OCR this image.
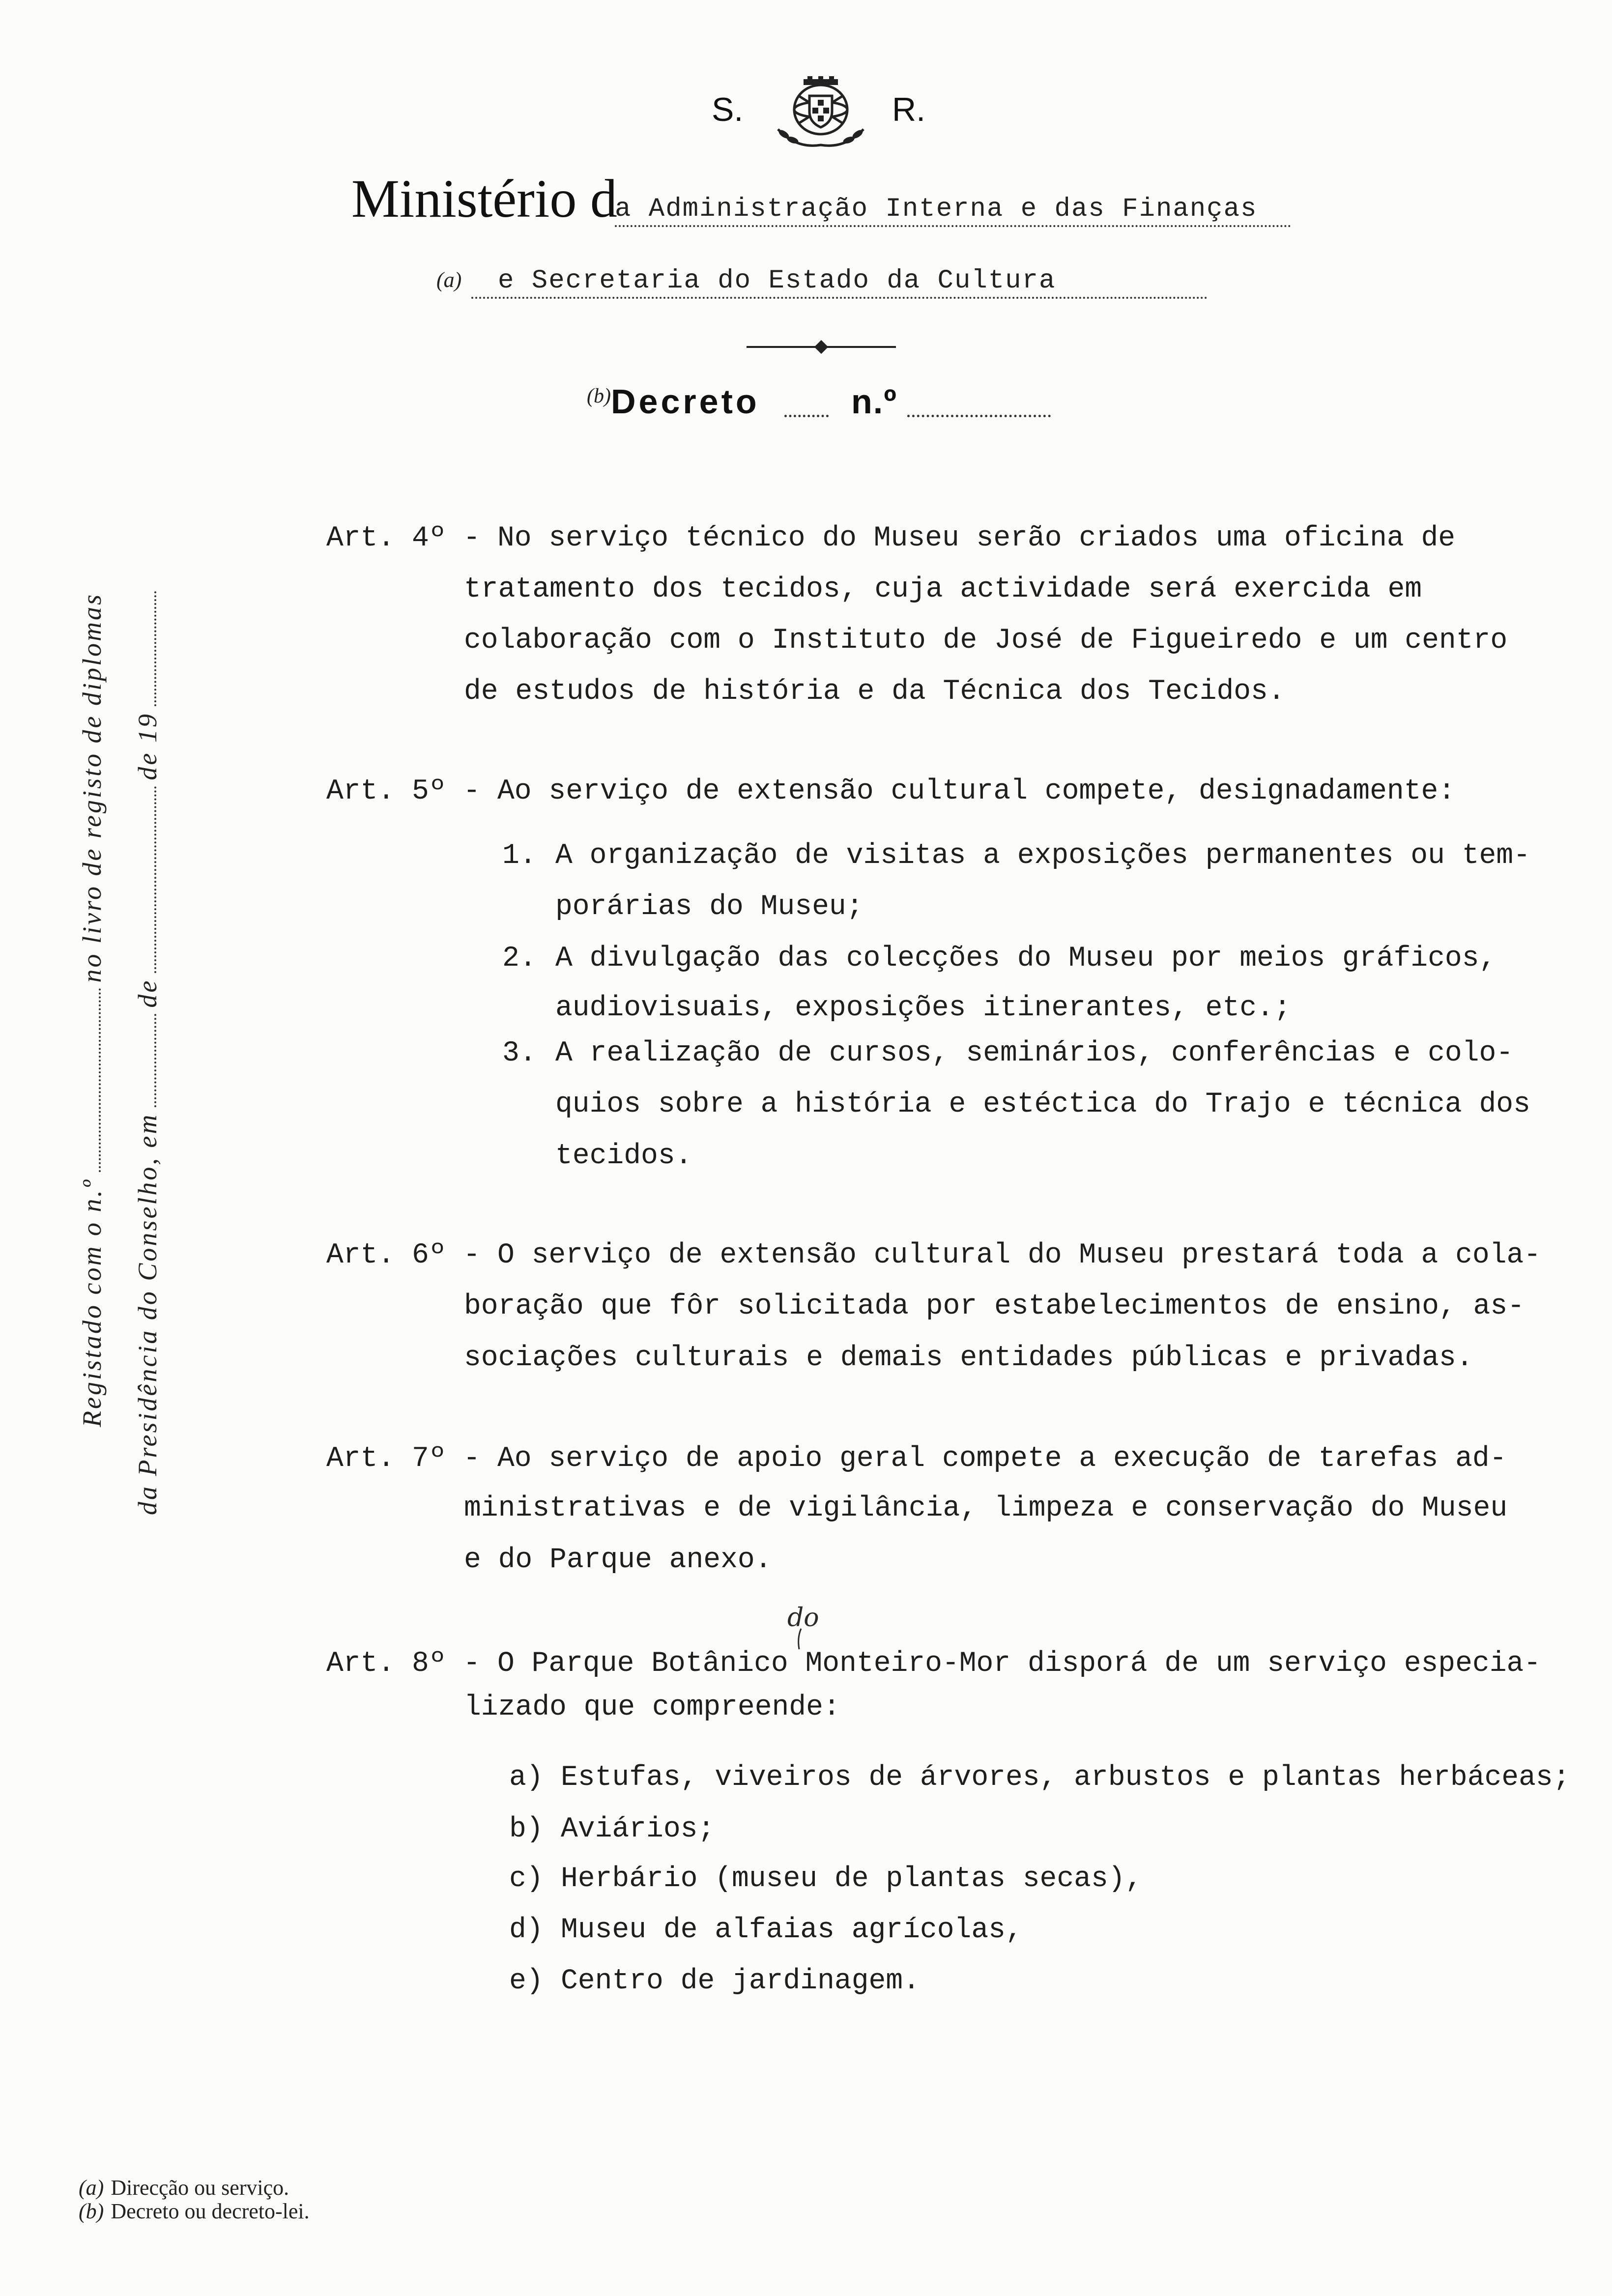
S.	R.
Ministério d
a Administração Interna e das Finanças
(a)	e Secretaria do Estado da Cultura
(b) Decreto	n.º
Registado com o n.º
no livro de registo de diplomas
da Presidência do Conselho, em
de
de 19
Art. 4º - No serviço técnico do Museu serão criados uma oficina de
tratamento dos tecidos, cuja actividade será exercida em
colaboração com o Instituto de José de Figueiredo e um centro
de estudos de história e da Técnica dos Tecidos.
Art. 5º - Ao serviço de extensão cultural compete, designadamente:
1. A organização de visitas a exposições permanentes ou tem-
porárias do Museu;
2. A divulgação das colecções do Museu por meios gráficos,
audiovisuais, exposições itinerantes, etc.;
3. A realização de cursos, seminários, conferências e colo-
quios sobre a história e estéctica do Trajo e técnica dos
tecidos.
Art. 6º - O serviço de extensão cultural do Museu prestará toda a cola-
boração que fôr solicitada por estabelecimentos de ensino, as-
sociações culturais e demais entidades públicas e privadas.
Art. 7º - Ao serviço de apoio geral compete a execução de tarefas ad-
ministrativas e de vigilância, limpeza e conservação do Museu
e do Parque anexo.
do
Art. 8º - O Parque Botânico Monteiro-Mor disporá de um serviço especia-
lizado que compreende:
a) Estufas, viveiros de árvores, arbustos e plantas herbáceas;
b) Aviários;
c) Herbário (museu de plantas secas),
d) Museu de alfaias agrícolas,
e) Centro de jardinagem.
(a) Direcção ou serviço.
(b) Decreto ou decreto-lei.
